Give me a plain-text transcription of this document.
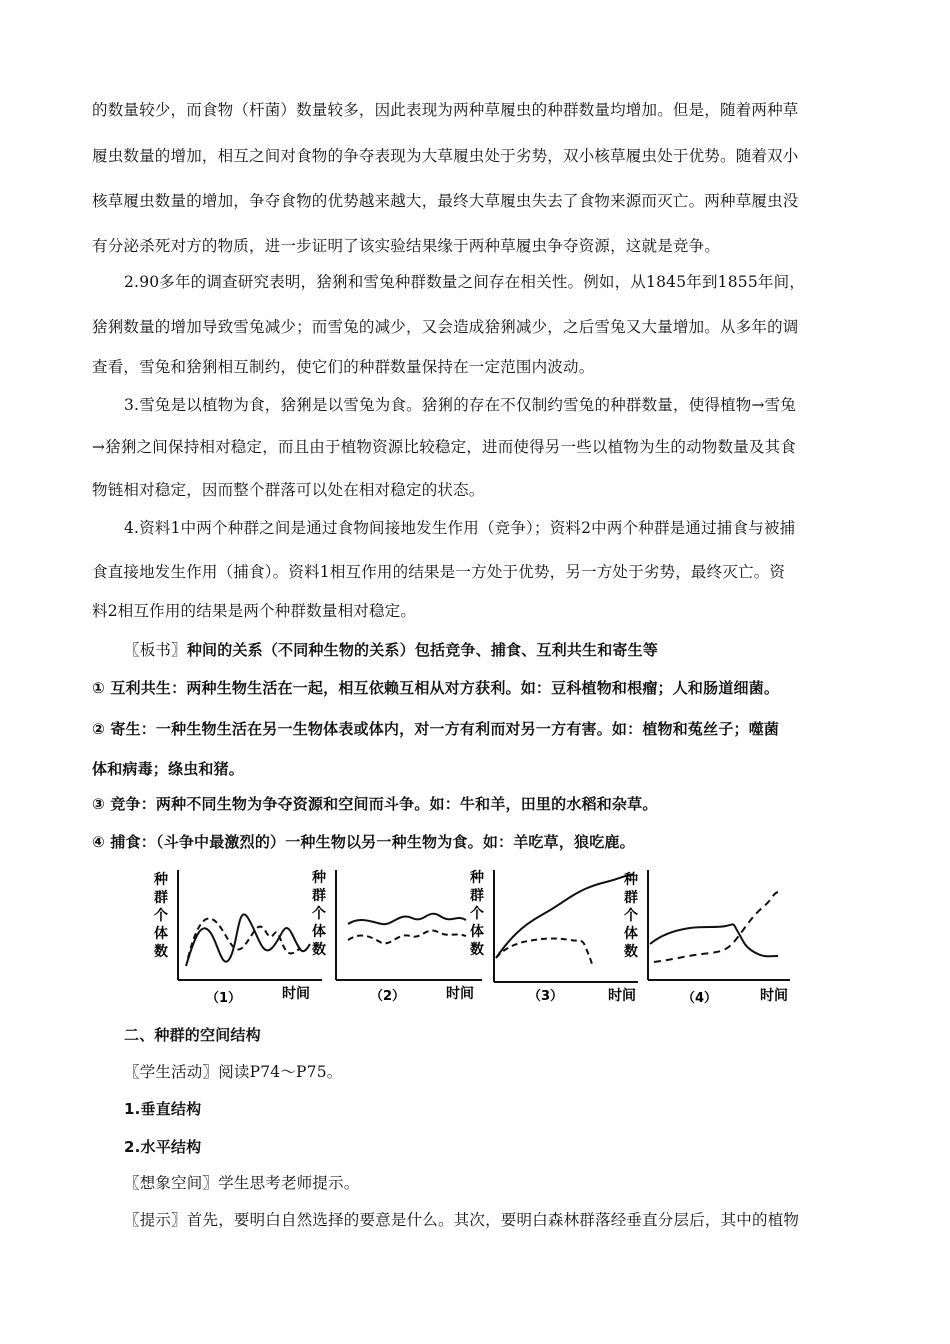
的数量较少，而食物（杆菌）数量较多，因此表现为两种草履虫的种群数量均增加。但是，随着两种草
履虫数量的增加，相互之间对食物的争夺表现为大草履虫处于劣势，双小核草履虫处于优势。随着双小
核草履虫数量的增加，争夺食物的优势越来越大，最终大草履虫失去了食物来源而灭亡。两种草履虫没
有分泌杀死对方的物质，进一步证明了该实验结果缘于两种草履虫争夺资源，这就是竞争。
2.90多年的调查研究表明，猞猁和雪兔种群数量之间存在相关性。例如，从1845年到1855年间，
猞猁数量的增加导致雪兔减少；而雪兔的减少，又会造成猞猁减少，之后雪兔又大量增加。从多年的调
查看，雪兔和猞猁相互制约，使它们的种群数量保持在一定范围内波动。
3.雪兔是以植物为食，猞猁是以雪兔为食。猞猁的存在不仅制约雪兔的种群数量，使得植物→雪兔
→猞猁之间保持相对稳定，而且由于植物资源比较稳定，进而使得另一些以植物为生的动物数量及其食
物链相对稳定，因而整个群落可以处在相对稳定的状态。
4.资料1中两个种群之间是通过食物间接地发生作用（竞争）；资料2中两个种群是通过捕食与被捕
食直接地发生作用（捕食）。资料1相互作用的结果是一方处于优势，另一方处于劣势，最终灭亡。资
料2相互作用的结果是两个种群数量相对稳定。
〖板书〗种间的关系（不同种生物的关系）包括竞争、捕食、互利共生和寄生等
① 互利共生：两种生物生活在一起，相互依赖互相从对方获利。如：豆科植物和根瘤；人和肠道细菌。
② 寄生：一种生物生活在另一生物体表或体内，对一方有利而对另一方有害。如：植物和菟丝子；噬菌
体和病毒；绦虫和猪。
③ 竞争：两种不同生物为争夺资源和空间而斗争。如：牛和羊，田里的水稻和杂草。
④ 捕食：（斗争中最激烈的）一种生物以另一种生物为食。如：羊吃草，狼吃鹿。
种
群
个
体
数
（1）	时间
种
群
个
体
数
（2）	时间
种
群
个
体
数
（3）	时间
种
群
个
体
数
（4）	时间
二、种群的空间结构
〖学生活动〗阅读P74～P75。
1.垂直结构
2.水平结构
〖想象空间〗学生思考老师提示。
〖提示〗首先，要明白自然选择的要意是什么。其次，要明白森林群落经垂直分层后，其中的植物
